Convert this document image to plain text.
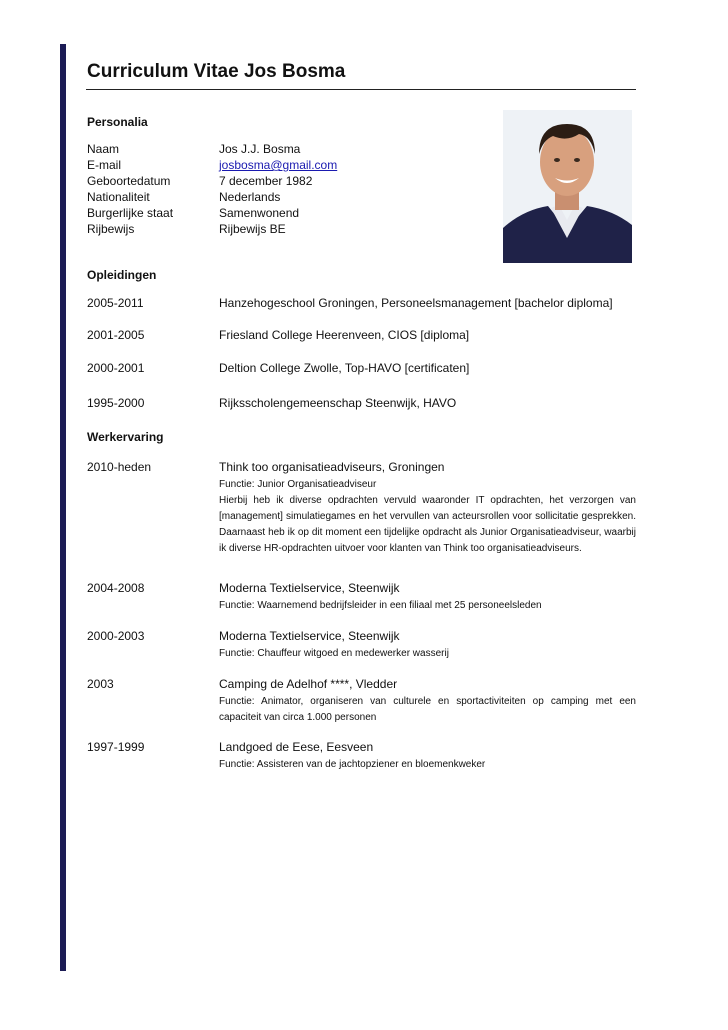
Curriculum Vitae Jos Bosma
Personalia
Naam	Jos J.J. Bosma
E-mail	josbosma@gmail.com
Geboortedatum	7 december 1982
Nationaliteit	Nederlands
Burgerlijke staat	Samenwonend
Rijbewijs	Rijbewijs BE
Opleidingen
2005-2011	Hanzehogeschool Groningen, Personeelsmanagement [bachelor diploma]
2001-2005	Friesland College Heerenveen, CIOS [diploma]
2000-2001	Deltion College Zwolle, Top-HAVO [certificaten]
1995-2000	Rijksscholengemeenschap Steenwijk, HAVO
Werkervaring
2010-heden	Think too organisatieadviseurs, Groningen

Functie: Junior Organisatieadviseur

Hierbij heb ik diverse opdrachten vervuld waaronder IT opdrachten, het verzorgen van [management] simulatiegames en het vervullen van acteursrollen voor sollicitatie gesprekken. Daarnaast heb ik op dit moment een tijdelijke opdracht als Junior Organisatieadviseur, waarbij ik diverse HR-opdrachten uitvoer voor klanten van Think too organisatieadviseurs.

2004-2008	Moderna Textielservice, Steenwijk

Functie: Waarnemend bedrijfsleider in een filiaal met 25 personeelsleden

2000-2003	Moderna Textielservice, Steenwijk

Functie: Chauffeur witgoed en medewerker wasserij

2003	Camping de Adelhof ****, Vledder

Functie: Animator, organiseren van culturele en sportactiviteiten op camping met een capaciteit van circa 1.000 personen

1997-1999	Landgoed de Eese, Eesveen

Functie: Assisteren van de jachtopziener en bloemenkweker
